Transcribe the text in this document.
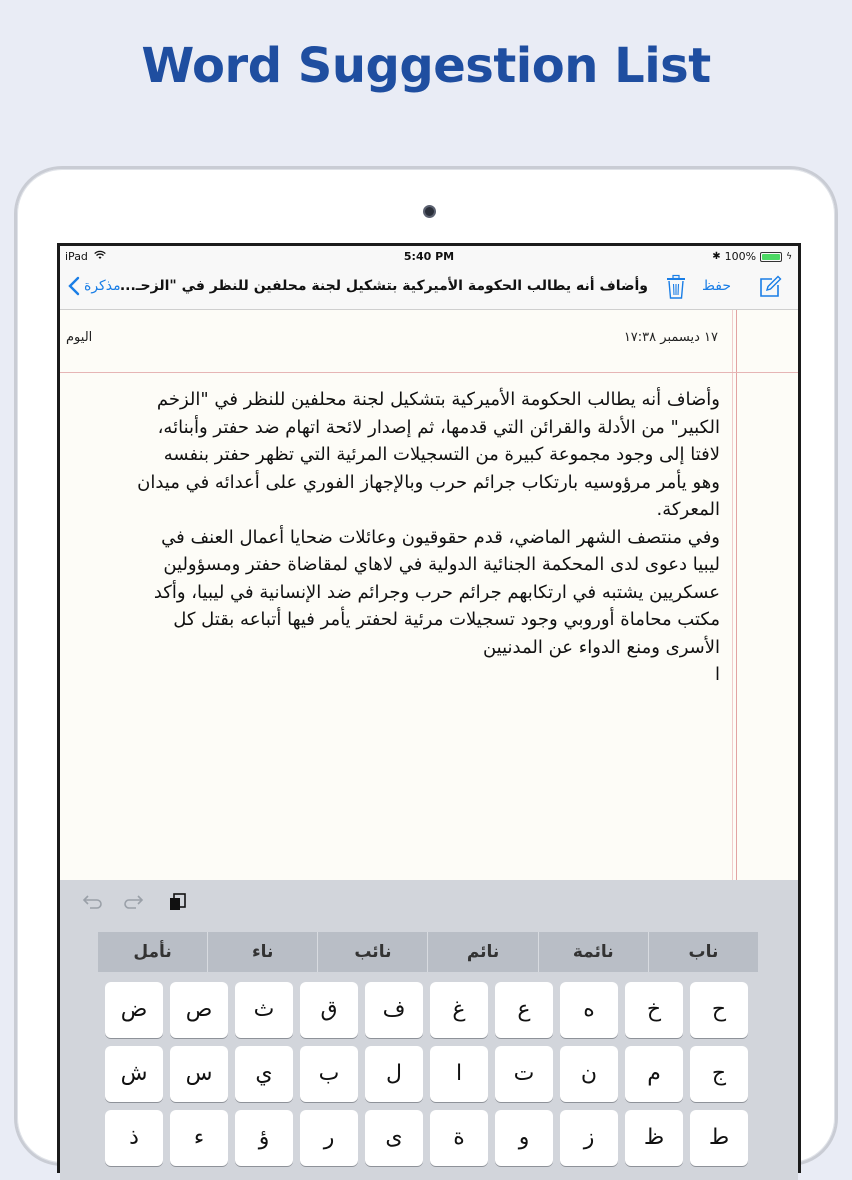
Word Suggestion List
iPad	5:40 PM	✱ 100%	ϟ
مذكرة وأضاف أنه يطالب الحكومة الأميركية بتشكيل لجنة محلفين للنظر في "الزحـ...	حفظ
١٧ ديسمبر ١٧:٣٨
اليوم

وأضاف أنه يطالب الحكومة الأميركية بتشكيل لجنة محلفين للنظر في "الزخم

الكبير" من الأدلة والقرائن التي قدمها، ثم إصدار لائحة اتهام ضد حفتر وأبنائه،

لافتا إلى وجود مجموعة كبيرة من التسجيلات المرئية التي تظهر حفتر بنفسه

وهو يأمر مرؤوسيه بارتكاب جرائم حرب وبالإجهاز الفوري على أعدائه في ميدان

المعركة.

وفي منتصف الشهر الماضي، قدم حقوقيون وعائلات ضحايا أعمال العنف في

ليبيا دعوى لدى المحكمة الجنائية الدولية في لاهاي لمقاضاة حفتر ومسؤولين

عسكريين يشتبه في ارتكابهم جرائم حرب وجرائم ضد الإنسانية في ليبيا، وأكد

مكتب محاماة أوروبي وجود تسجيلات مرئية لحفتر يأمر فيها أتباعه بقتل كل

الأسرى ومنع الدواء عن المدنيين

ا

ناب
نائمة
نائم
نائب
ناء
نأمل
ح
خ
ه
ع
غ
ف
ق
ث
ص
ض
ج
م
ن
ت
ا
ل
ب
ي
س
ش
ط
ظ
ز
و
ة
ى
ر
ؤ
ء
ذ
